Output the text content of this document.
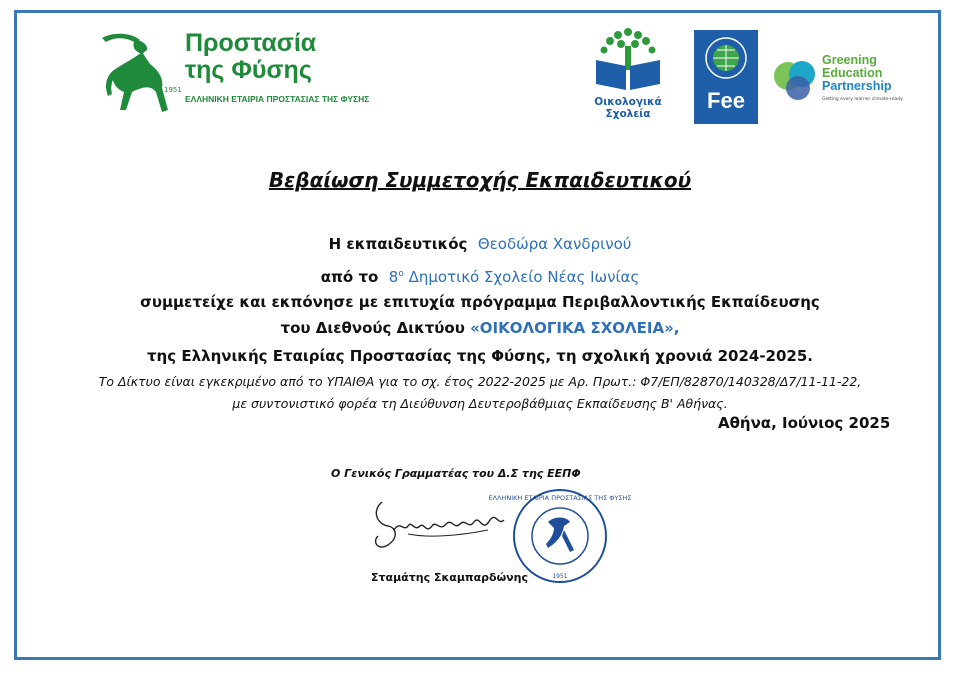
Προστασία
της Φύσης
1951
ΕΛΛΗΝΙΚΗ ΕΤΑΙΡΙΑ ΠΡΟΣΤΑΣΙΑΣ ΤΗΣ ΦΥΣΗΣ	Οικολογικά
Σχολεία
Fee
Greening
Education
Partnership
Getting every learner climate-ready
Βεβαίωση Συμμετοχής Εκπαιδευτικού
Η εκπαιδευτικός Θεοδώρα Χανδρινού
από το $8^o$ Δημοτικό Σχολείο Νέας Ιωνίας
συμμετείχε και εκπόνησε με επιτυχία πρόγραμμα Περιβαλλοντικής Εκπαίδευσης
του Διεθνούς Δικτύου «ΟΙΚΟΛΟΓΙΚΑ ΣΧΟΛΕΙΑ»,
της Ελληνικής Εταιρίας Προστασίας της Φύσης, τη σχολική χρονιά 2024-2025.
Το Δίκτυο είναι εγκεκριμένο από το ΥΠΑΙΘΑ για το σχ. έτος 2022-2025 με Αρ. Πρωτ.: Φ7/ΕΠ/82870/140328/Δ7/11-11-22,
με συντονιστικό φορέα τη Διεύθυνση Δευτεροβάθμιας Εκπαίδευσης Β' Αθήνας.
Αθήνα, Ιούνιος 2025
Ο Γενικός Γραμματέας του Δ.Σ της ΕΕΠΦ
ΕΛΛΗΝΙΚΗ ΕΤΑΙΡΙΑ ΠΡΟΣΤΑΣΙΑΣ ΤΗΣ ΦΥΣΗΣ
1951
Σταμάτης Σκαμπαρδώνης
